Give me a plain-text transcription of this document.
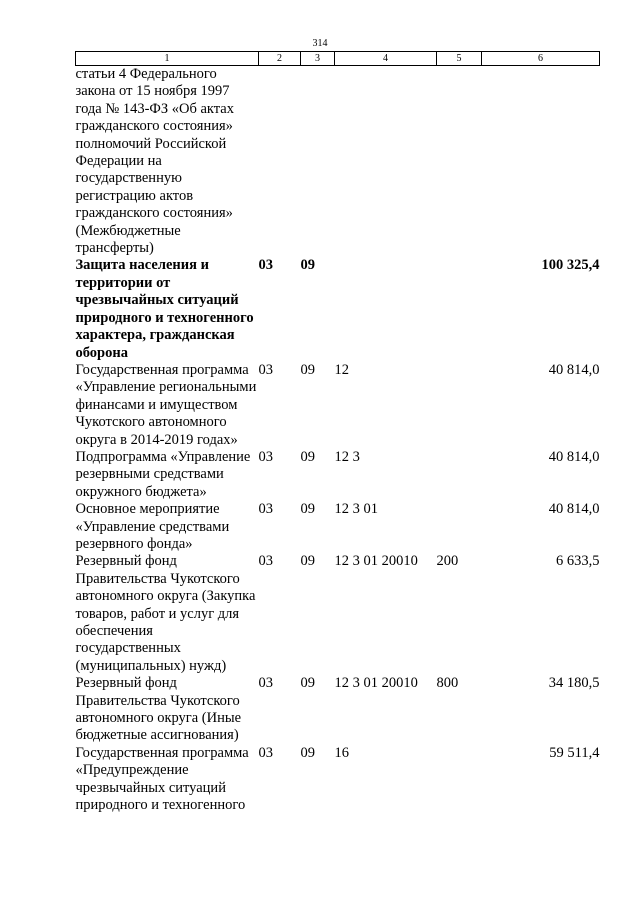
314
1	2	3	4	5	6
статьи 4 Федерального закона от 15 ноября 1997 года № 143-ФЗ «Об актах гражданского состояния» полномочий Российской Федерации на государственную регистрацию актов гражданского состояния» (Межбюджетные трансферты)					
Защита населения и территории от чрезвычайных ситуаций природного и техногенного характера, гражданская оборона	03	09			100 325,4
Государственная программа «Управление региональными финансами и имуществом Чукотского автономного округа в 2014-2019 годах»	03	09	12		40 814,0
Подпрограмма «Управление резервными средствами окружного бюджета»	03	09	12 3		40 814,0
Основное мероприятие «Управление средствами резервного фонда»	03	09	12 3 01		40 814,0
Резервный фонд Правительства Чукотского автономного округа (Закупка товаров, работ и услуг для обеспечения государственных (муниципальных) нужд)	03	09	12 3 01 20010	200	6 633,5
Резервный фонд Правительства Чукотского автономного округа (Иные бюджетные ассигнования)	03	09	12 3 01 20010	800	34 180,5
Государственная программа «Предупреждение чрезвычайных ситуаций природного и техногенного	03	09	16		59 511,4
